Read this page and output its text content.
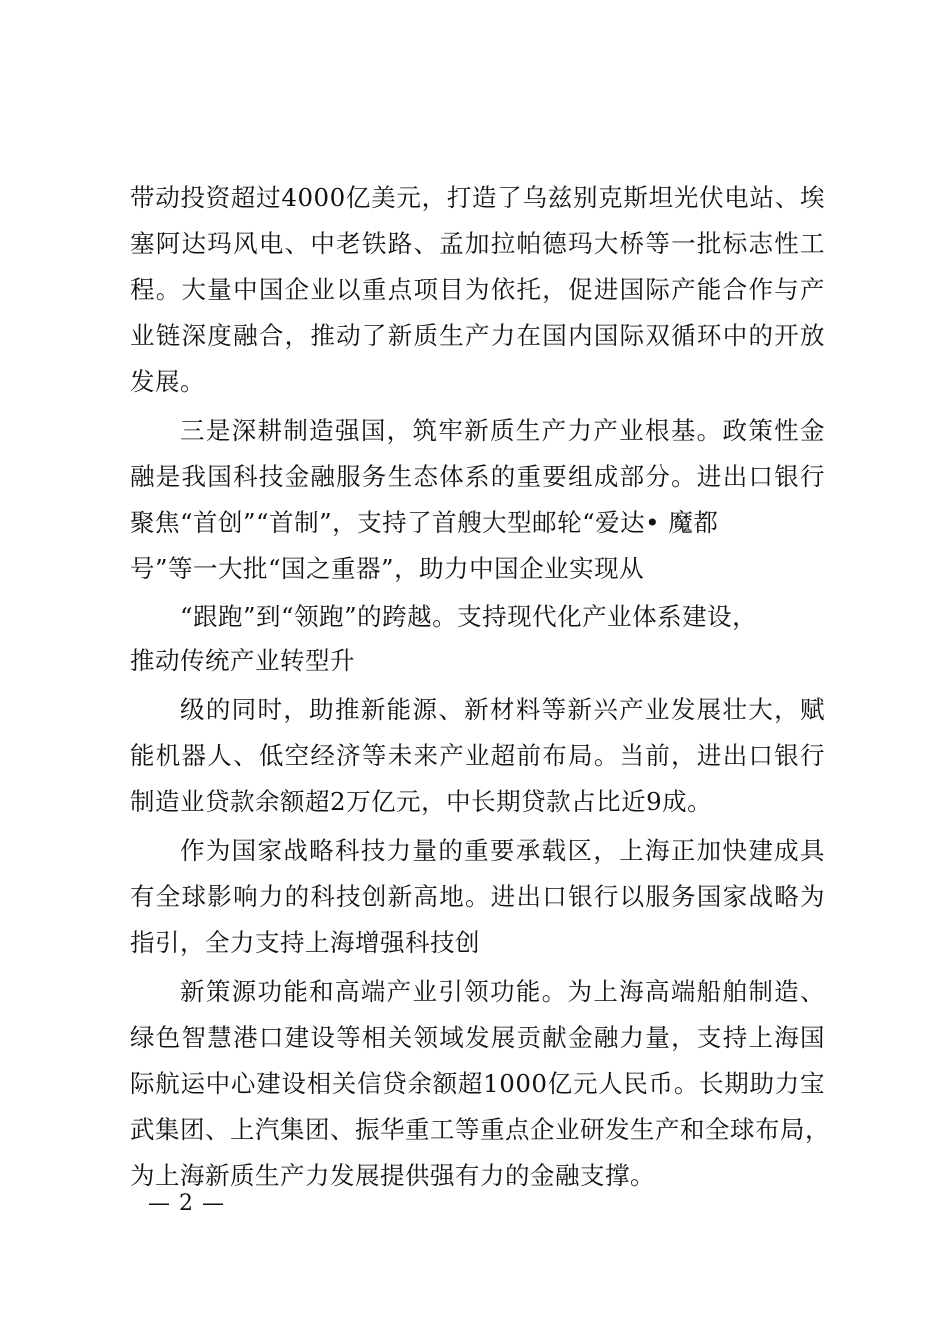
带动投资超过4000亿美元，打造了乌兹别克斯坦光伏电站、埃
塞阿达玛风电、中老铁路、孟加拉帕德玛大桥等一批标志性工
程。大量中国企业以重点项目为依托，促进国际产能合作与产
业链深度融合，推动了新质生产力在国内国际双循环中的开放
发展。
三是深耕制造强国，筑牢新质生产力产业根基。政策性金
融是我国科技金融服务生态体系的重要组成部分。进出口银行
聚焦“首创”“首制”，支持了首艘大型邮轮“爱达• 魔都
号”等一大批“国之重器”，助力中国企业实现从
“跟跑”到“领跑”的跨越。支持现代化产业体系建设，
推动传统产业转型升
级的同时，助推新能源、新材料等新兴产业发展壮大，赋
能机器人、低空经济等未来产业超前布局。当前，进出口银行
制造业贷款余额超2万亿元，中长期贷款占比近9成。
作为国家战略科技力量的重要承载区，上海正加快建成具
有全球影响力的科技创新高地。进出口银行以服务国家战略为
指引，全力支持上海增强科技创
新策源功能和高端产业引领功能。为上海高端船舶制造、
绿色智慧港口建设等相关领域发展贡献金融力量，支持上海国
际航运中心建设相关信贷余额超1000亿元人民币。长期助力宝
武集团、上汽集团、振华重工等重点企业研发生产和全球布局，
为上海新质生产力发展提供强有力的金融支撑。
— 2 —
